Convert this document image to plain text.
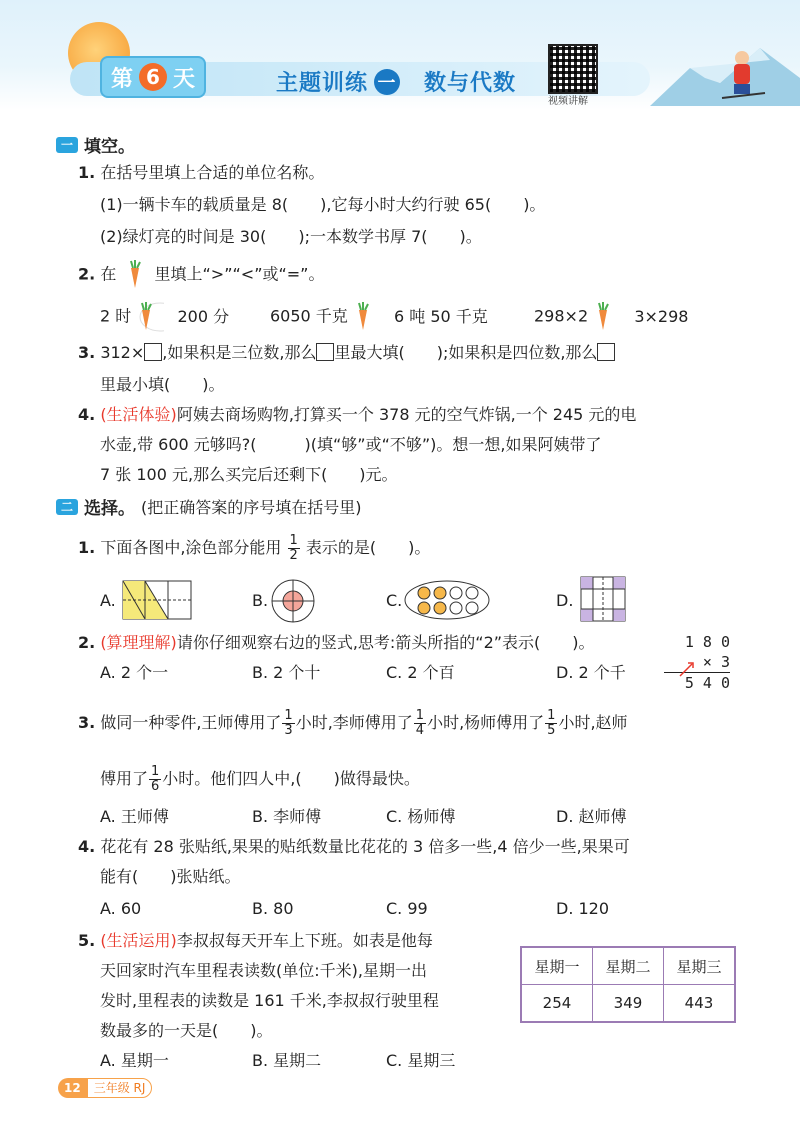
第 6 天	主题训练 一 数与代数
视频讲解
一 填空。
1. 在括号里填上合适的单位名称。
(1)一辆卡车的载质量是 8(　　),它每小时大约行驶 65(　　)。
(2)绿灯亮的时间是 30(　　);一本数学书厚 7(　　)。
2. 在 里填上“>”“<”或“=”。
2 时	200 分	6050 千克	6 吨 50 千克	298×2	3×298
3. 312× ,如果积是三位数,那么 里最大填(　　);如果积是四位数,那么
里最小填(　　)。
4. (生活体验)阿姨去商场购物,打算买一个 378 元的空气炸锅,一个 245 元的电
水壶,带 600 元够吗?(　　　)(填“够”或“不够”)。想一想,如果阿姨带了
7 张 100 元,那么买完后还剩下(　　)元。
二 选择。 (把正确答案的序号填在括号里)
1. 下面各图中,涂色部分能用 $\frac{1}{2}$ 表示的是(　　)。
A.	B.	C.	D.
2. (算理理解)请你仔细观察右边的竖式,思考:箭头所指的“2”表示(　　)。
A. 2 个一	B. 2 个十	C. 2 个百	D. 2 个千
1 8 0
× 3
5 4 0
3. 做同一种零件,王师傅用了 $\frac{1}{3}$ 小时,李师傅用了 $\frac{1}{4}$ 小时,杨师傅用了 $\frac{1}{5}$ 小时,赵师
傅用了 $\frac{1}{6}$ 小时。他们四人中,(　　)做得最快。
A. 王师傅	B. 李师傅	C. 杨师傅	D. 赵师傅
4. 花花有 28 张贴纸,果果的贴纸数量比花花的 3 倍多一些,4 倍少一些,果果可
能有(　　)张贴纸。
A. 60	B. 80	C. 99	D. 120
5. (生活运用)李叔叔每天开车上下班。如表是他每
天回家时汽车里程表读数(单位:千米),星期一出
发时,里程表的读数是 161 千米,李叔叔行驶里程
数最多的一天是(　　)。
A. 星期一	B. 星期二	C. 星期三
星期一	星期二	星期三
254	349	443
12	三年级 RJ
